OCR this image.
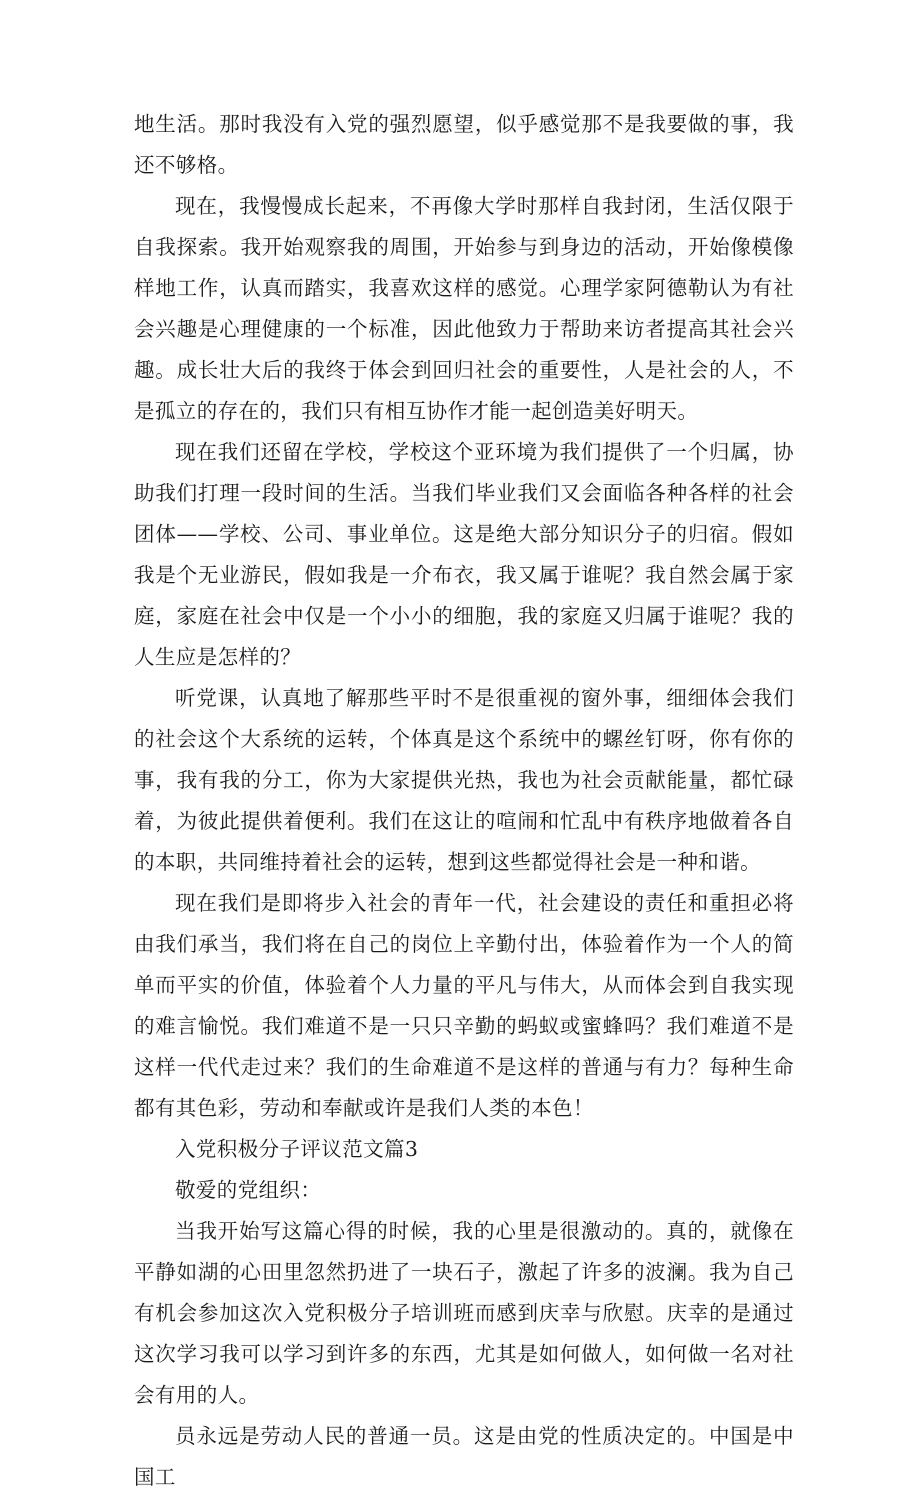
地生活。那时我没有入党的强烈愿望，似乎感觉那不是我要做的事，我还不够格。

现在，我慢慢成长起来，不再像大学时那样自我封闭，生活仅限于自我探索。我开始观察我的周围，开始参与到身边的活动，开始像模像样地工作，认真而踏实，我喜欢这样的感觉。心理学家阿德勒认为有社会兴趣是心理健康的一个标准，因此他致力于帮助来访者提高其社会兴趣。成长壮大后的我终于体会到回归社会的重要性，人是社会的人，不是孤立的存在的，我们只有相互协作才能一起创造美好明天。

现在我们还留在学校，学校这个亚环境为我们提供了一个归属，协助我们打理一段时间的生活。当我们毕业我们又会面临各种各样的社会团体——学校、公司、事业单位。这是绝大部分知识分子的归宿。假如我是个无业游民，假如我是一介布衣，我又属于谁呢？我自然会属于家庭，家庭在社会中仅是一个小小的细胞，我的家庭又归属于谁呢？我的人生应是怎样的？

听党课，认真地了解那些平时不是很重视的窗外事，细细体会我们的社会这个大系统的运转，个体真是这个系统中的螺丝钉呀，你有你的事，我有我的分工，你为大家提供光热，我也为社会贡献能量，都忙碌着，为彼此提供着便利。我们在这让的喧闹和忙乱中有秩序地做着各自的本职，共同维持着社会的运转，想到这些都觉得社会是一种和谐。

现在我们是即将步入社会的青年一代，社会建设的责任和重担必将由我们承当，我们将在自己的岗位上辛勤付出，体验着作为一个人的简单而平实的价值，体验着个人力量的平凡与伟大，从而体会到自我实现的难言愉悦。我们难道不是一只只辛勤的蚂蚁或蜜蜂吗？我们难道不是这样一代代走过来？我们的生命难道不是这样的普通与有力？每种生命都有其色彩，劳动和奉献或许是我们人类的本色！

入党积极分子评议范文篇3

敬爱的党组织：

当我开始写这篇心得的时候，我的心里是很激动的。真的，就像在平静如湖的心田里忽然扔进了一块石子，激起了许多的波澜。我为自己有机会参加这次入党积极分子培训班而感到庆幸与欣慰。庆幸的是通过这次学习我可以学习到许多的东西，尤其是如何做人，如何做一名对社会有用的人。

员永远是劳动人民的普通一员。这是由党的性质决定的。中国是中国工
